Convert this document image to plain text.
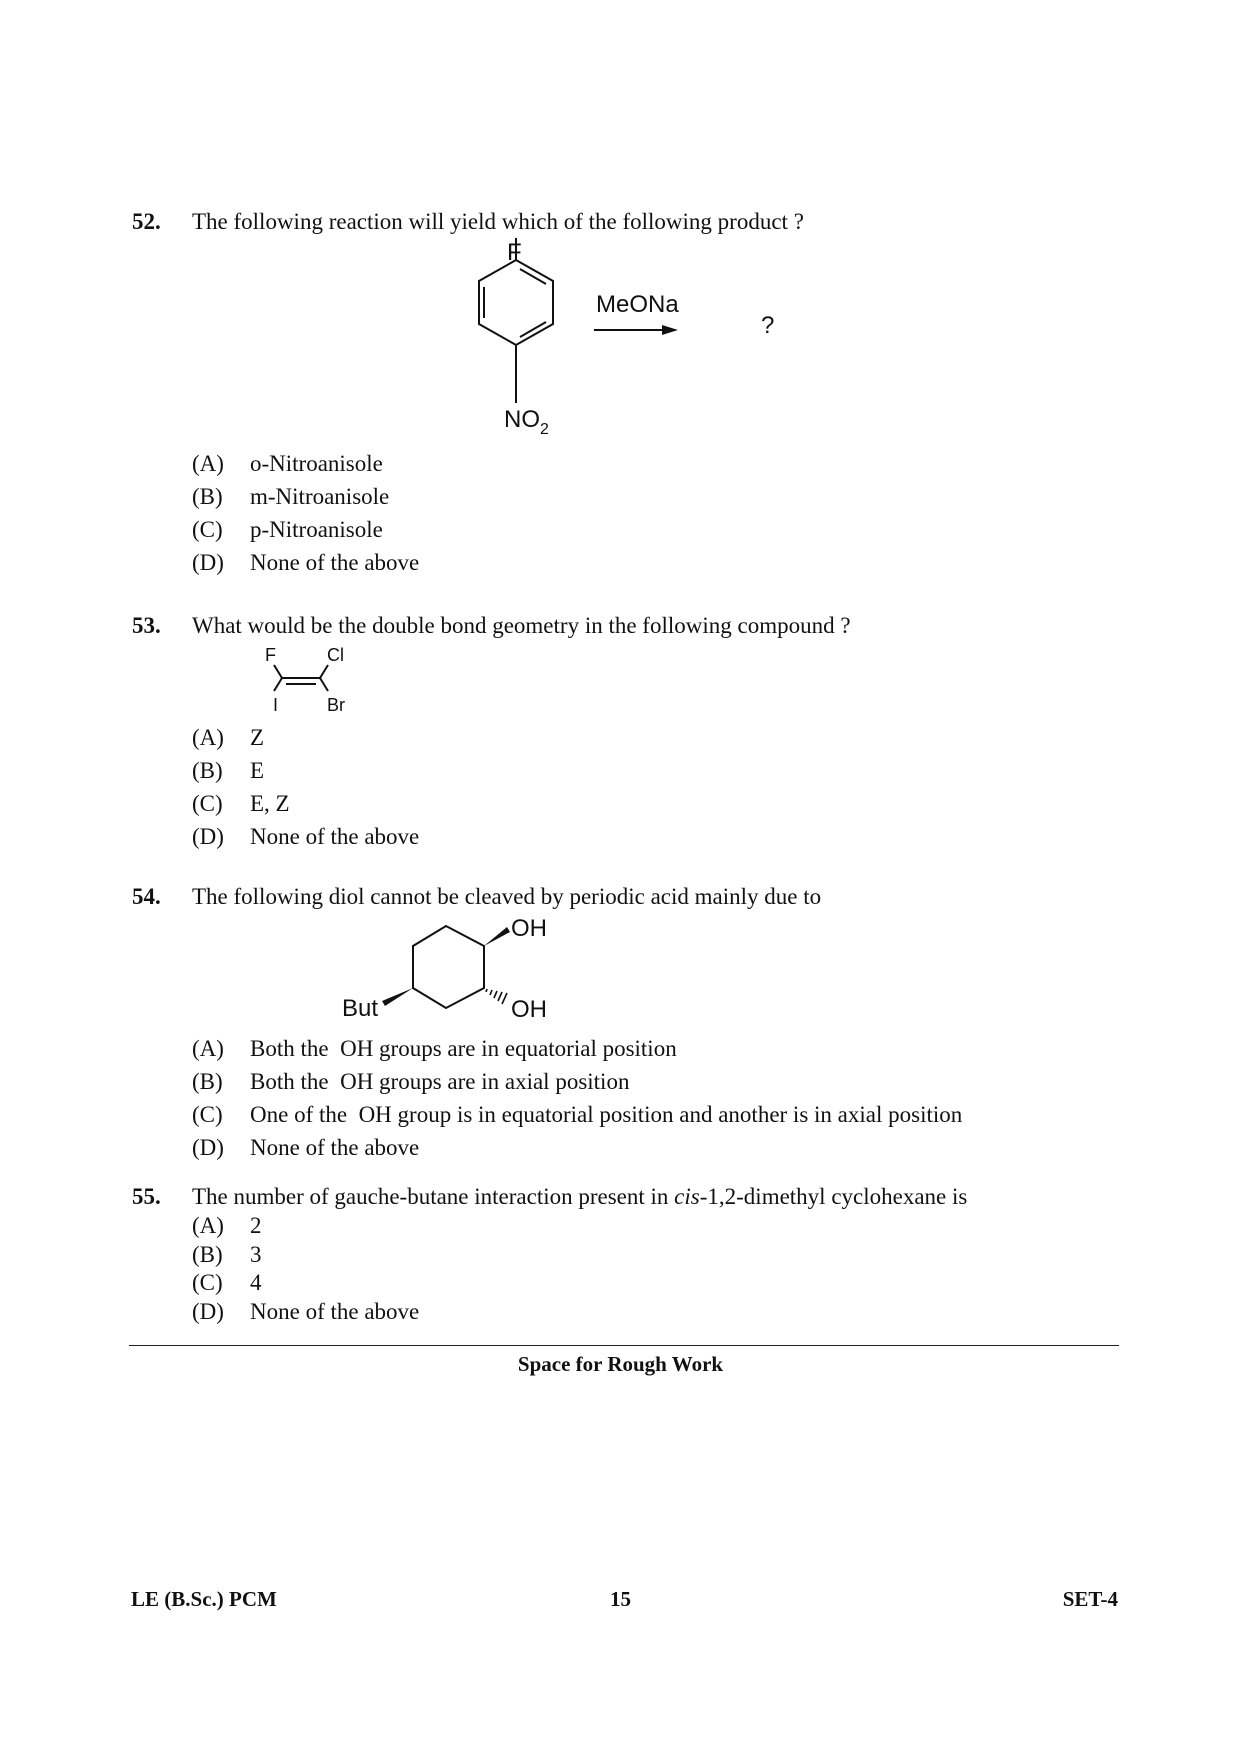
52. The following reaction will yield which of the following product ?
F
$NO_2$
MeONa
?
(A) o-Nitroanisole
(B) m-Nitroanisole
(C) p-Nitroanisole
(D) None of the above
53. What would be the double bond geometry in the following compound ?
F	Cl
I	Br
(A) Z
(B) E
(C) E, Z
(D) None of the above
54. The following diol cannot be cleaved by periodic acid mainly due to
OH
OH
But
(A) Both the  OH groups are in equatorial position
(B) Both the  OH groups are in axial position
(C) One of the  OH group is in equatorial position and another is in axial position
(D) None of the above
55. The number of gauche-butane interaction present in cis-1,2-dimethyl cyclohexane is
(A) 2
(B) 3
(C) 4
(D) None of the above
Space for Rough Work
LE (B.Sc.) PCM	15	SET-4
